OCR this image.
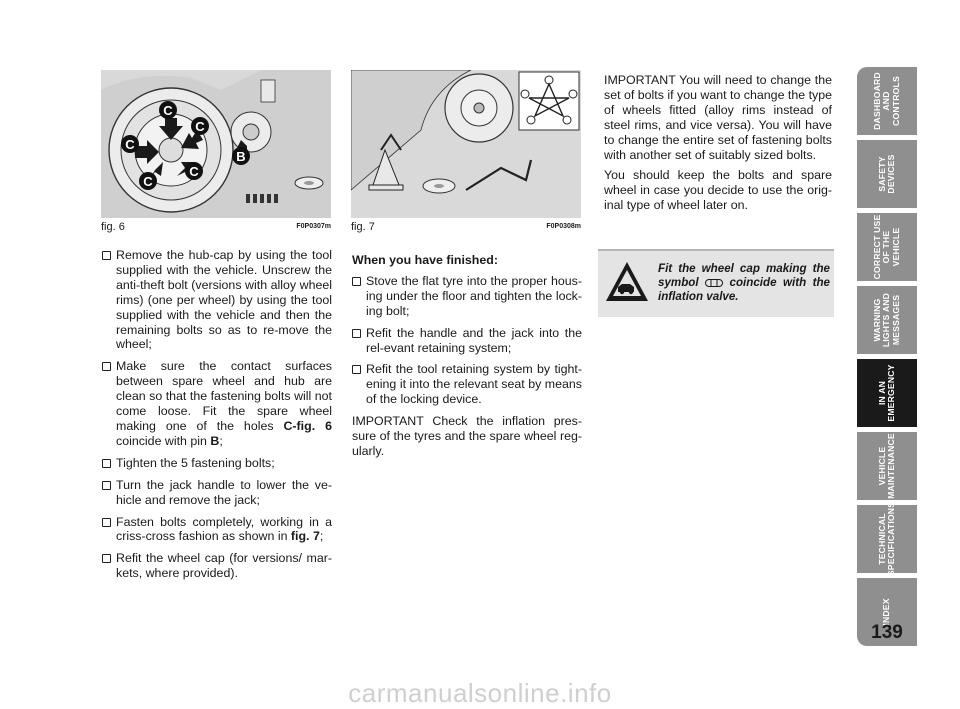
C
C
C
C
C
B
fig. 6	F0P0307m fig. 7	F0P0308m
Remove the hub-cap by using the tool supplied with the vehicle. Unscrew the anti-theft bolt (versions with alloy wheel rims) (one per wheel) by using the tool supplied with the vehicle and then the remaining bolts so as to re-move the wheel;
Make sure the contact surfaces between spare wheel and hub are clean so that the fastening bolts will not come loose. Fit the spare wheel making one of the holes C-fig. 6 coincide with pin B;
Tighten the 5 fastening bolts;
Turn the jack handle to lower the ve-hicle and remove the jack;
Fasten bolts completely, working in a criss-cross fashion as shown in fig. 7;
Refit the wheel cap (for versions/ mar-kets, where provided).

When you have finished:

Stove the flat tyre into the proper hous-ing under the floor and tighten the lock-ing bolt;
Refit the handle and the jack into the rel-evant retaining system;
Refit the tool retaining system by tight-ening it into the relevant seat by means of the locking device.

IMPORTANT Check the inflation pres-sure of the tyres and the spare wheel reg-ularly.

IMPORTANT You will need to change the set of bolts if you want to change the type of wheels fitted (alloy rims instead of steel rims, and vice versa). You will have to change the entire set of fastening bolts with another set of suitably sized bolts.

You should keep the bolts and spare wheel in case you decide to use the orig-inal type of wheel later on.

Fit the wheel cap making the symbol  coincide with the inflation valve.
DASHBOARD AND CONTROLS
SAFETY DEVICES
CORRECT USE OF THE VEHICLE
WARNING LIGHTS AND MESSAGES
IN AN EMERGENCY
VEHICLE MAINTENANCE
TECHNICAL SPECIFICATIONS
INDEX
139
carmanualsonline.info
